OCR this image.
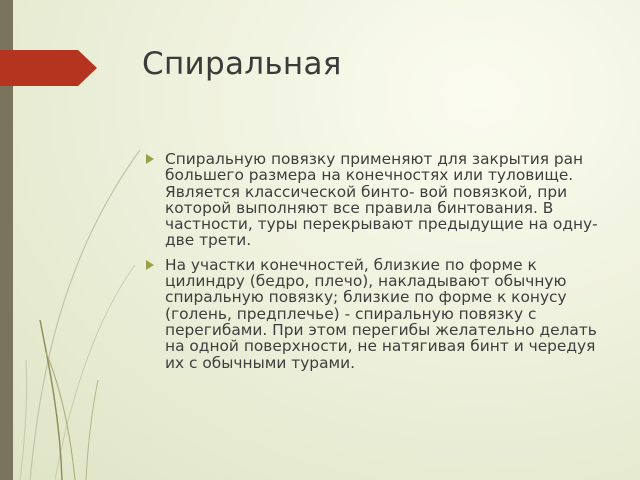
Спиральная
Спиральную повязку применяют для закрытия ран большего размера на конечностях или туловище. Является классической бинто- вой повязкой, при которой выполняют все правила бинтования. В частности, туры перекрывают предыдущие на одну-две трети.
На участки конечностей, близкие по форме к цилиндру (бедро, плечо), накладывают обычную спиральную повязку; близкие по форме к конусу (голень, предплечье) - спиральную повязку с перегибами. При этом перегибы желательно делать на одной поверхности, не натягивая бинт и чередуя их с обычными турами.
